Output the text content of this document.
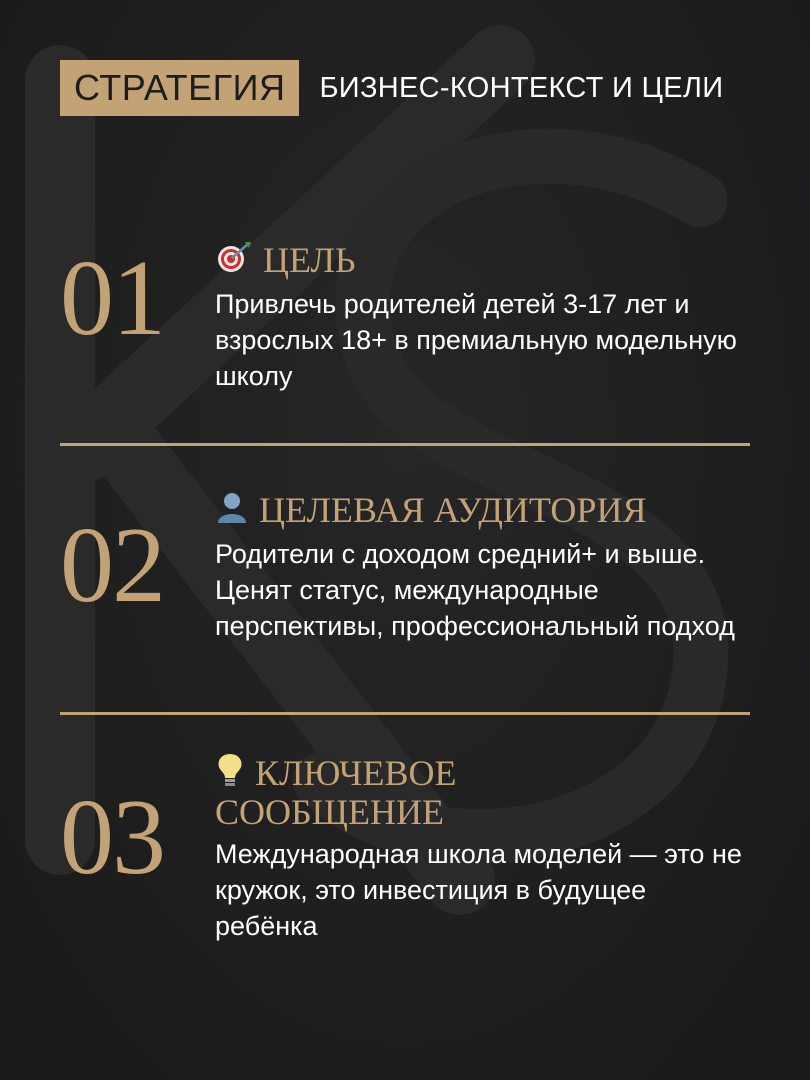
СТРАТЕГИЯ	БИЗНЕС-КОНТЕКСТ И ЦЕЛИ
01	ЦЕЛЬ
Привлечь родителей детей 3-17 лет и взрослых 18+ в премиальную модельную школу
02	ЦЕЛЕВАЯ АУДИТОРИЯ
Родители с доходом средний+ и выше. Ценят статус, международные перспективы, профессиональный подход
03
КЛЮЧЕВОЕ
СООБЩЕНИЕ
Международная школа моделей — это не кружок, это инвестиция в будущее ребёнка
